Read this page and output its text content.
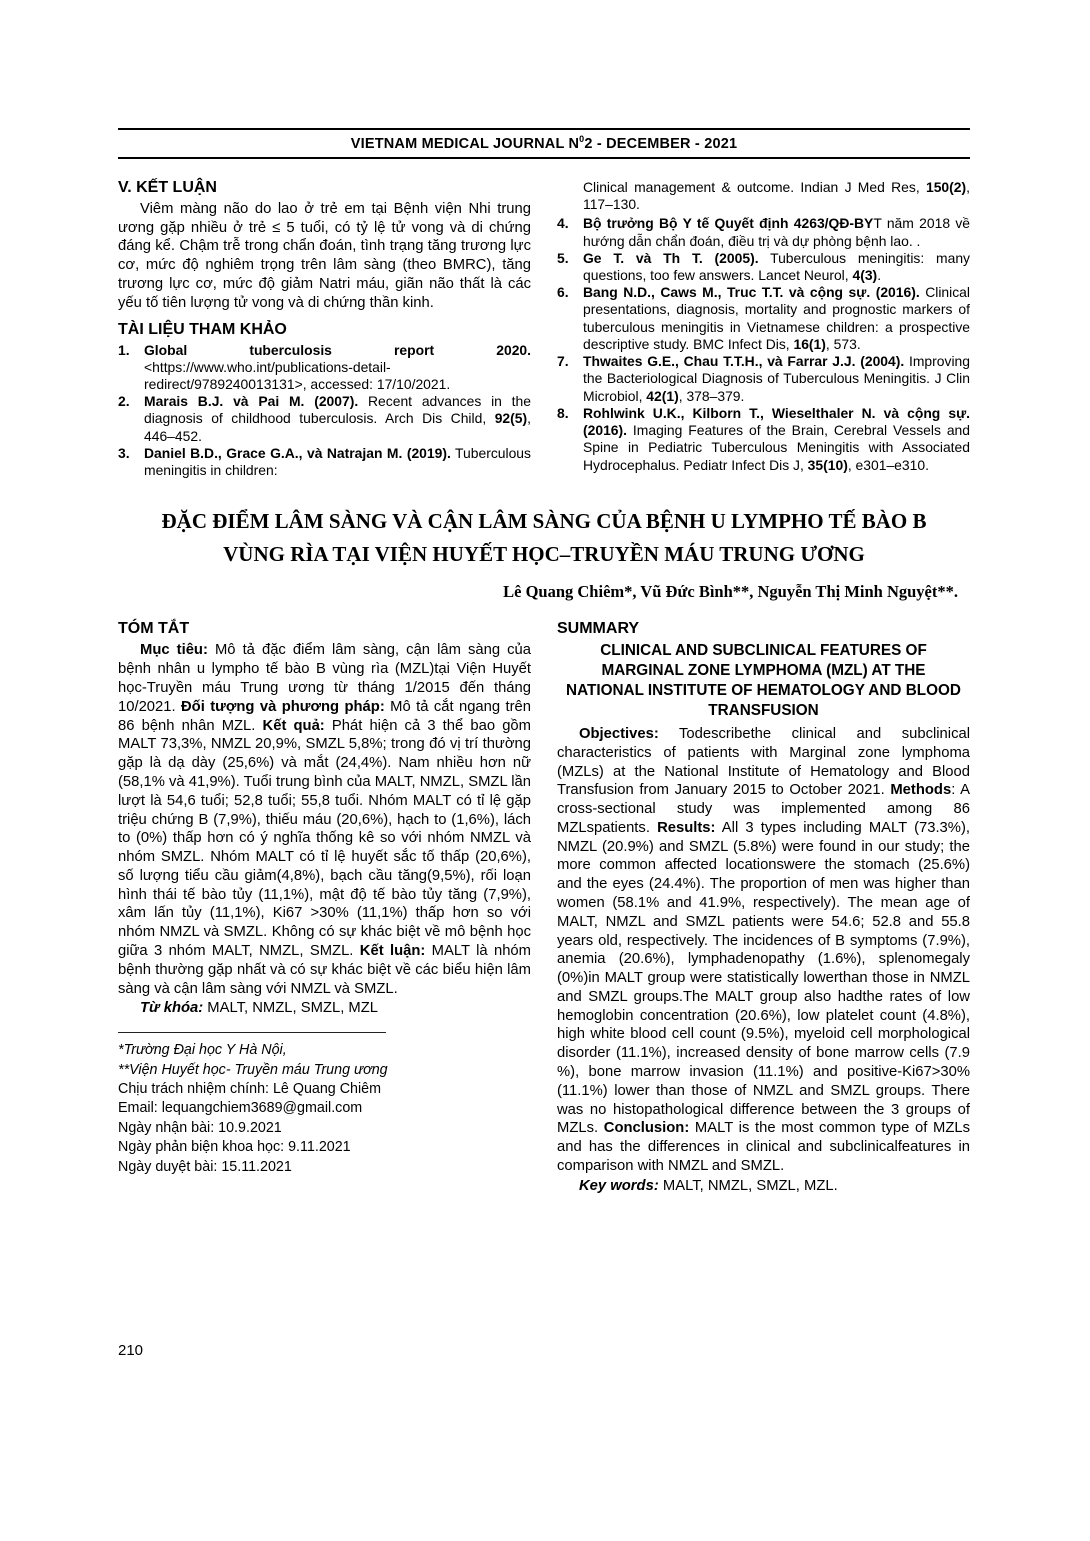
VIETNAM MEDICAL JOURNAL $N^02$ - DECEMBER - 2021
V. KẾT LUẬN

Viêm màng não do lao ở trẻ em tại Bệnh viện Nhi trung ương gặp nhiều ở trẻ ≤ 5 tuổi, có tỷ lệ tử vong và di chứng đáng kể. Chậm trễ trong chẩn đoán, tình trạng tăng trương lực cơ, mức độ nghiêm trọng trên lâm sàng (theo BMRC), tăng trương lực cơ, mức độ giảm Natri máu, giãn não thất là các yếu tố tiên lượng tử vong và di chứng thần kinh.

TÀI LIỆU THAM KHẢO

1. Global tuberculosis report 2020. <https://www.who.int/publications-detail-redirect/9789240013131>, accessed: 17/10/2021.

2. Marais B.J. và Pai M. (2007). Recent advances in the diagnosis of childhood tuberculosis. Arch Dis Child, 92(5), 446–452.

3. Daniel B.D., Grace G.A., và Natrajan M. (2019). Tuberculous meningitis in children:

Clinical management & outcome. Indian J Med Res, 150(2), 117–130.

4. Bộ trưởng Bộ Y tế Quyết định 4263/QĐ-BYT năm 2018 về hướng dẫn chẩn đoán, điều trị và dự phòng bệnh lao. .

5. Ge T. và Th T. (2005). Tuberculous meningitis: many questions, too few answers. Lancet Neurol, 4(3).

6. Bang N.D., Caws M., Truc T.T. và cộng sự. (2016). Clinical presentations, diagnosis, mortality and prognostic markers of tuberculous meningitis in Vietnamese children: a prospective descriptive study. BMC Infect Dis, 16(1), 573.

7. Thwaites G.E., Chau T.T.H., và Farrar J.J. (2004). Improving the Bacteriological Diagnosis of Tuberculous Meningitis. J Clin Microbiol, 42(1), 378–379.

8. Rohlwink U.K., Kilborn T., Wieselthaler N. và cộng sự. (2016). Imaging Features of the Brain, Cerebral Vessels and Spine in Pediatric Tuberculous Meningitis with Associated Hydrocephalus. Pediatr Infect Dis J, 35(10), e301–e310.

ĐẶC ĐIỂM LÂM SÀNG VÀ CẬN LÂM SÀNG CỦA BỆNH U LYMPHO TẾ BÀO B VÙNG RÌA TẠI VIỆN HUYẾT HỌC–TRUYỀN MÁU TRUNG ƯƠNG
Lê Quang Chiêm*, Vũ Đức Bình**, Nguyễn Thị Minh Nguyệt**.
TÓM TẮT

Mục tiêu: Mô tả đặc điểm lâm sàng, cận lâm sàng của bệnh nhân u lympho tế bào B vùng rìa (MZL)tại Viện Huyết học-Truyền máu Trung ương từ tháng 1/2015 đến tháng 10/2021. Đối tượng và phương pháp: Mô tả cắt ngang trên 86 bệnh nhân MZL. Kết quả: Phát hiện cả 3 thể bao gồm MALT 73,3%, NMZL 20,9%, SMZL 5,8%; trong đó vị trí thường gặp là dạ dày (25,6%) và mắt (24,4%). Nam nhiều hơn nữ (58,1% và 41,9%). Tuổi trung bình của MALT, NMZL, SMZL lần lượt là 54,6 tuổi; 52,8 tuổi; 55,8 tuổi. Nhóm MALT có tỉ lệ gặp triệu chứng B (7,9%), thiếu máu (20,6%), hạch to (1,6%), lách to (0%) thấp hơn có ý nghĩa thống kê so với nhóm NMZL và nhóm SMZL. Nhóm MALT có tỉ lệ huyết sắc tố thấp (20,6%), số lượng tiểu cầu giảm(4,8%), bạch cầu tăng(9,5%), rối loạn hình thái tế bào tủy (11,1%), mật độ tế bào tủy tăng (7,9%), xâm lấn tủy (11,1%), Ki67 >30% (11,1%) thấp hơn so với nhóm NMZL và SMZL. Không có sự khác biệt về mô bệnh học giữa 3 nhóm MALT, NMZL, SMZL. Kết luận: MALT là nhóm bệnh thường gặp nhất và có sự khác biệt về các biểu hiện lâm sàng và cận lâm sàng với NMZL và SMZL.

Từ khóa: MALT, NMZL, SMZL, MZL

*Trường Đại học Y Hà Nội,

**Viện Huyết học- Truyền máu Trung ương

Chịu trách nhiệm chính: Lê Quang Chiêm

Email: lequangchiem3689@gmail.com

Ngày nhận bài: 10.9.2021

Ngày phản biện khoa học: 9.11.2021

Ngày duyệt bài: 15.11.2021

SUMMARY
CLINICAL AND SUBCLINICAL FEATURES OF MARGINAL ZONE LYMPHOMA (MZL) AT THE NATIONAL INSTITUTE OF HEMATOLOGY AND BLOOD TRANSFUSION

Objectives: Todescribethe clinical and subclinical characteristics of patients with Marginal zone lymphoma (MZLs) at the National Institute of Hematology and Blood Transfusion from January 2015 to October 2021. Methods: A cross-sectional study was implemented among 86 MZLspatients. Results: All 3 types including MALT (73.3%), NMZL (20.9%) and SMZL (5.8%) were found in our study; the more common affected locationswere the stomach (25.6%) and the eyes (24.4%). The proportion of men was higher than women (58.1% and 41.9%, respectively). The mean age of MALT, NMZL and SMZL patients were 54.6; 52.8 and 55.8 years old, respectively. The incidences of B symptoms (7.9%), anemia (20.6%), lymphadenopathy (1.6%), splenomegaly (0%)in MALT group were statistically lowerthan those in NMZL and SMZL groups.The MALT group also hadthe rates of low hemoglobin concentration (20.6%), low platelet count (4.8%), high white blood cell count (9.5%), myeloid cell morphological disorder (11.1%), increased density of bone marrow cells (7.9 %), bone marrow invasion (11.1%) and positive-Ki67>30% (11.1%) lower than those of NMZL and SMZL groups. There was no histopathological difference between the 3 groups of MZLs. Conclusion: MALT is the most common type of MZLs and has the differences in clinical and subclinicalfeatures in comparison with NMZL and SMZL.

Key words: MALT, NMZL, SMZL, MZL.

210
